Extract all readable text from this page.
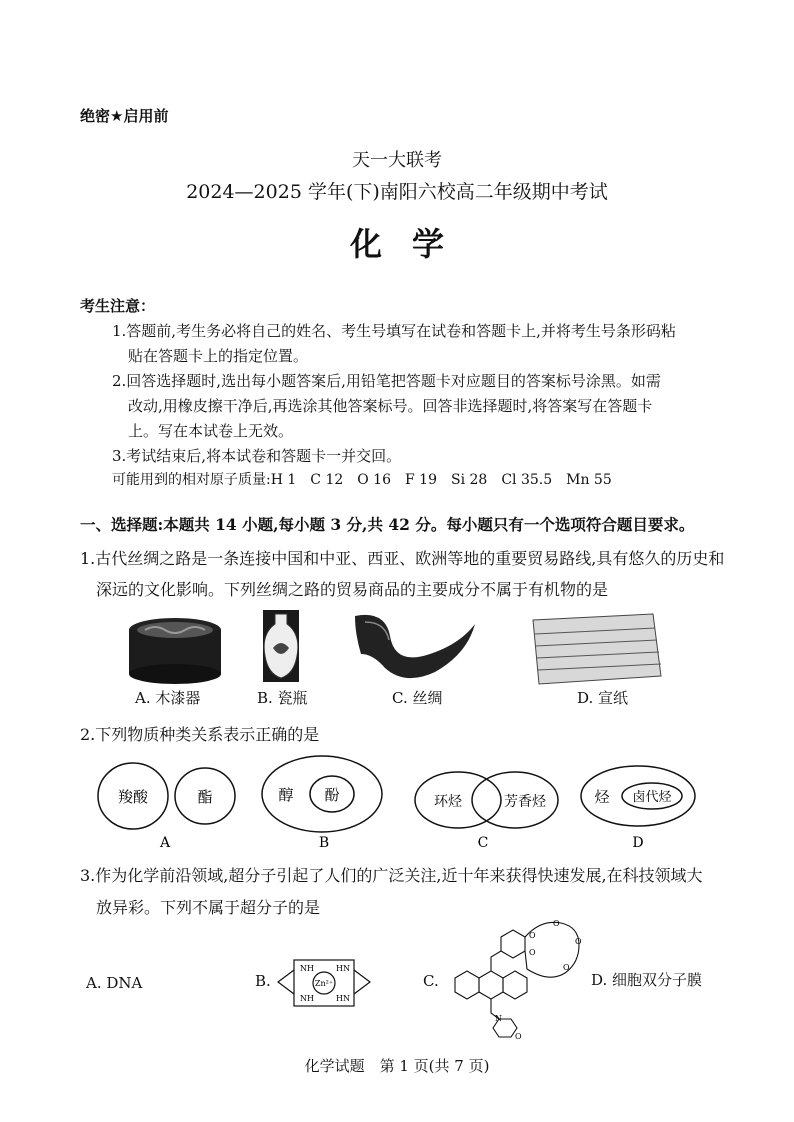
绝密★启用前
天一大联考
2024—2025 学年(下)南阳六校高二年级期中考试
化学
考生注意：
1.答题前,考生务必将自己的姓名、考生号填写在试卷和答题卡上,并将考生号条形码粘
贴在答题卡上的指定位置。
2.回答选择题时,选出每小题答案后,用铅笔把答题卡对应题目的答案标号涂黑。如需
改动,用橡皮擦干净后,再选涂其他答案标号。回答非选择题时,将答案写在答题卡
上。写在本试卷上无效。
3.考试结束后,将本试卷和答题卡一并交回。
可能用到的相对原子质量:H 1　C 12　O 16　F 19　Si 28　Cl 35.5　Mn 55
一、选择题:本题共 14 小题,每小题 3 分,共 42 分。每小题只有一个选项符合题目要求。
1.古代丝绸之路是一条连接中国和中亚、西亚、欧洲等地的重要贸易路线,具有悠久的历史和
深远的文化影响。下列丝绸之路的贸易商品的主要成分不属于有机物的是
A. 木漆器	B. 瓷瓶	C. 丝绸	D. 宣纸
2.下列物质种类关系表示正确的是
羧酸	酯
A
醇 酚
B
环烃	芳香烃
C
烃 卤代烃
D
3.作为化学前沿领域,超分子引起了人们的广泛关注,近十年来获得快速发展,在科技领域大
放异彩。下列不属于超分子的是
A. DNA	B.
NH	HN
NH	HN
Zn²⁺	C.
O
O
O
O
O
N
O
D. 细胞双分子膜
化学试题　第 1 页(共 7 页)
